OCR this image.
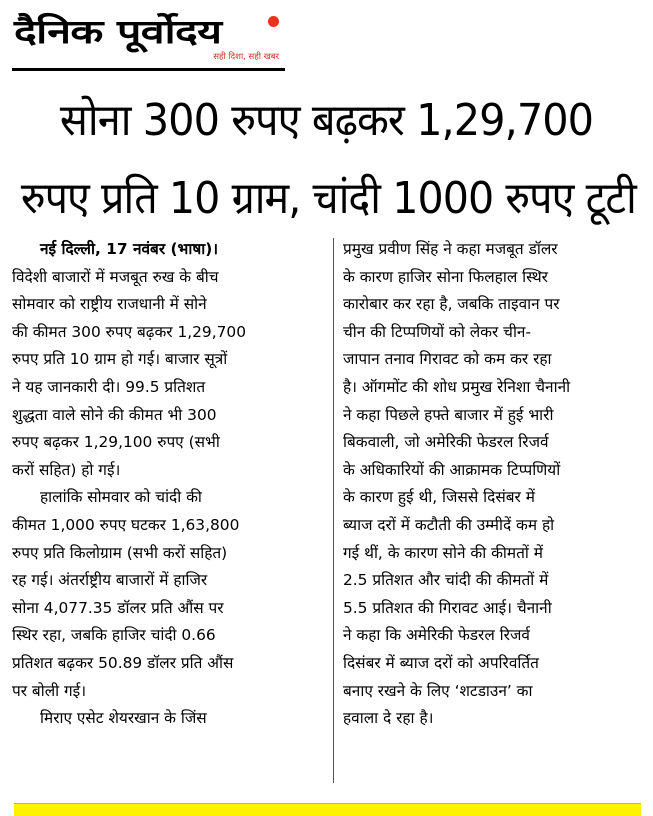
दैनिक पूर्वोदय
सही दिशा, सही खबर
सोना 300 रुपए बढ़कर 1,29,700
रुपए प्रति 10 ग्राम, चांदी 1000 रुपए टूटी
नई दिल्ली, 17 नवंबर (भाषा)।
विदेशी बाजारों में मजबूत रुख के बीच
सोमवार को राष्ट्रीय राजधानी में सोने
की कीमत 300 रुपए बढ़कर 1,29,700
रुपए प्रति 10 ग्राम हो गई। बाजार सूत्रों
ने यह जानकारी दी। 99.5 प्रतिशत
शुद्धता वाले सोने की कीमत भी 300
रुपए बढ़कर 1,29,100 रुपए (सभी
करों सहित) हो गई।
हालांकि सोमवार को चांदी की
कीमत 1,000 रुपए घटकर 1,63,800
रुपए प्रति किलोग्राम (सभी करों सहित)
रह गई। अंतर्राष्ट्रीय बाजारों में हाजिर
सोना 4,077.35 डॉलर प्रति औंस पर
स्थिर रहा, जबकि हाजिर चांदी 0.66
प्रतिशत बढ़कर 50.89 डॉलर प्रति औंस
पर बोली गई।
मिराए एसेट शेयरखान के जिंस
प्रमुख प्रवीण सिंह ने कहा मजबूत डॉलर
के कारण हाजिर सोना फिलहाल स्थिर
कारोबार कर रहा है, जबकि ताइवान पर
चीन की टिप्पणियों को लेकर चीन-
जापान तनाव गिरावट को कम कर रहा
है। ऑगमोंट की शोध प्रमुख रेनिशा चैनानी
ने कहा पिछले हफ्ते बाजार में हुई भारी
बिकवाली, जो अमेरिकी फेडरल रिजर्व
के अधिकारियों की आक्रामक टिप्पणियों
के कारण हुई थी, जिससे दिसंबर में
ब्याज दरों में कटौती की उम्मीदें कम हो
गई थीं, के कारण सोने की कीमतों में
2.5 प्रतिशत और चांदी की कीमतों में
5.5 प्रतिशत की गिरावट आई। चैनानी
ने कहा कि अमेरिकी फेडरल रिजर्व
दिसंबर में ब्याज दरों को अपरिवर्तित
बनाए रखने के लिए ‘शटडाउन’ का
हवाला दे रहा है।
